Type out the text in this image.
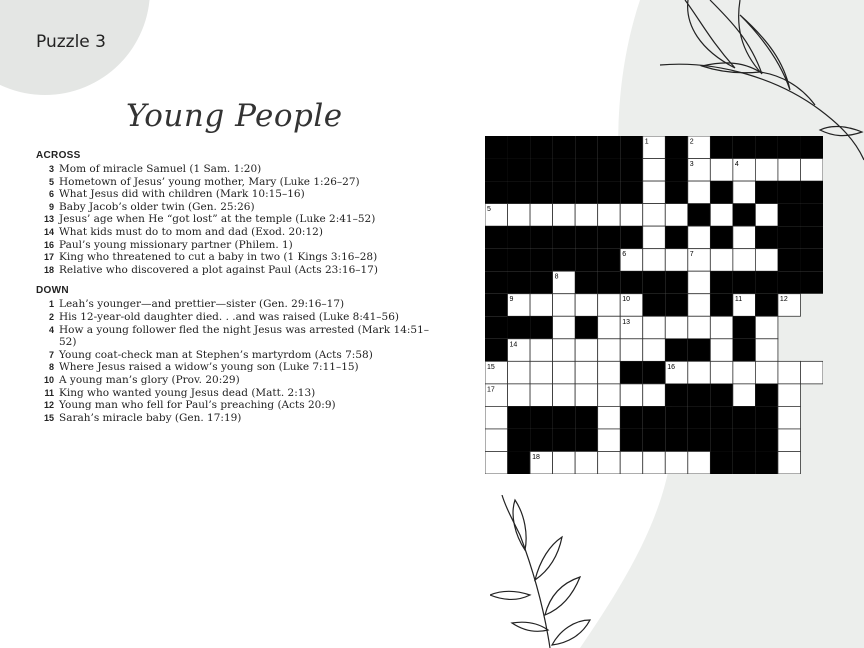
Puzzle 3
Young People
ACROSS
3 Mom of miracle Samuel (1 Sam. 1:20)
5 Hometown of Jesus’ young mother, Mary (Luke 1:26–27)
6 What Jesus did with children (Mark 10:15–16)
9 Baby Jacob’s older twin (Gen. 25:26)
13 Jesus’ age when He “got lost” at the temple (Luke 2:41–52)
14 What kids must do to mom and dad (Exod. 20:12)
16 Paul’s young missionary partner (Philem. 1)
17 King who threatened to cut a baby in two (1 Kings 3:16–28)
18 Relative who discovered a plot against Paul (Acts 23:16–17)
DOWN
1 Leah’s younger—and prettier—sister (Gen. 29:16–17)
2 His 12-year-old daughter died. . .and was raised (Luke 8:41–56)
4 How a young follower fled the night Jesus was arrested (Mark 14:51–52)
7 Young coat-check man at Stephen’s martyrdom (Acts 7:58)
8 Where Jesus raised a widow’s young son (Luke 7:11–15)
10 A young man’s glory (Prov. 20:29)
11 King who wanted young Jesus dead (Matt. 2:13)
12 Young man who fell for Paul’s preaching (Acts 20:9)
15 Sarah’s miracle baby (Gen. 17:19)
1	2
3	4
5
6	7
8
9	10	11	12
13
14
15	16
17
18
